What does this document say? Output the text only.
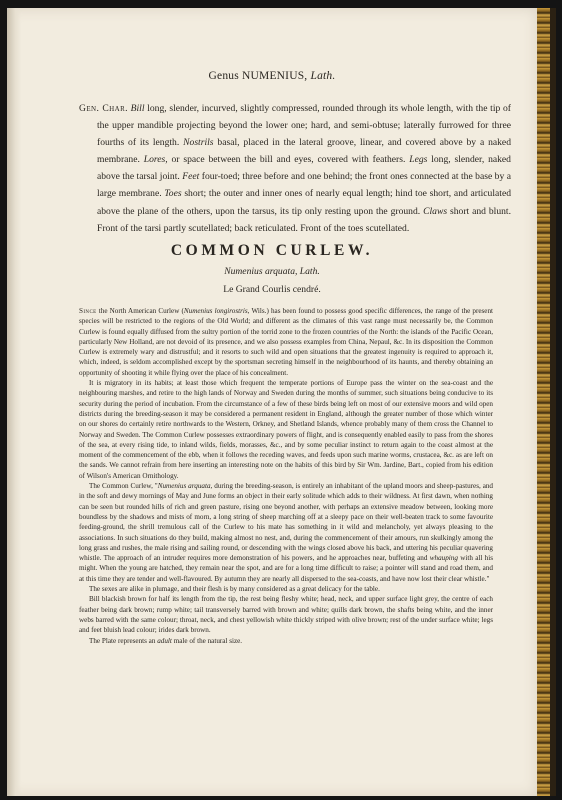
Genus NUMENIUS, Lath.
Gen. Char. Bill long, slender, incurved, slightly compressed, rounded through its whole length, with the tip of the upper mandible projecting beyond the lower one; hard, and semi-obtuse; laterally furrowed for three fourths of its length. Nostrils basal, placed in the lateral groove, linear, and covered above by a naked membrane. Lores, or space between the bill and eyes, covered with feathers. Legs long, slender, naked above the tarsal joint. Feet four-toed; three before and one behind; the front ones connected at the base by a large membrane. Toes short; the outer and inner ones of nearly equal length; hind toe short, and articulated above the plane of the others, upon the tarsus, its tip only resting upon the ground. Claws short and blunt. Front of the tarsi partly scutellated; back reticulated. Front of the toes scutellated.
COMMON CURLEW.
Numenius arquata, Lath.
Le Grand Courlis cendré.

Since the North American Curlew (Numenius longirostris, Wils.) has been found to possess good specific differences, the range of the present species will be restricted to the regions of the Old World; and different as the climates of this vast range must necessarily be, the Common Curlew is found equally diffused from the sultry portion of the torrid zone to the frozen countries of the North: the islands of the Pacific Ocean, particularly New Holland, are not devoid of its presence, and we also possess examples from China, Nepaul, &c. In its disposition the Common Curlew is extremely wary and distrustful; and it resorts to such wild and open situations that the greatest ingenuity is required to approach it, which, indeed, is seldom accomplished except by the sportsman secreting himself in the neighbourhood of its haunts, and thereby obtaining an opportunity of shooting it while flying over the place of his concealment.

It is migratory in its habits; at least those which frequent the temperate portions of Europe pass the winter on the sea-coast and the neighbouring marshes, and retire to the high lands of Norway and Sweden during the months of summer, such situations being conducive to its security during the period of incubation. From the circumstance of a few of these birds being left on most of our extensive moors and wild open districts during the breeding-season it may be considered a permanent resident in England, although the greater number of those which winter on our shores do certainly retire northwards to the Western, Orkney, and Shetland Islands, whence probably many of them cross the Channel to Norway and Sweden. The Common Curlew possesses extraordinary powers of flight, and is consequently enabled easily to pass from the shores of the sea, at every rising tide, to inland wilds, fields, morasses, &c., and by some peculiar instinct to return again to the coast almost at the moment of the commencement of the ebb, when it follows the receding waves, and feeds upon such marine worms, crustacea, &c. as are left on the sands. We cannot refrain from here inserting an interesting note on the habits of this bird by Sir Wm. Jardine, Bart., copied from his edition of Wilson's American Ornithology.

The Common Curlew, "Numenius arquata, during the breeding-season, is entirely an inhabitant of the upland moors and sheep-pastures, and in the soft and dewy mornings of May and June forms an object in their early solitude which adds to their wildness. At first dawn, when nothing can be seen but rounded hills of rich and green pasture, rising one beyond another, with perhaps an extensive meadow between, looking more boundless by the shadows and mists of morn, a long string of sheep marching off at a sleepy pace on their well-beaten track to some favourite feeding-ground, the shrill tremulous call of the Curlew to his mate has something in it wild and melancholy, yet always pleasing to the associations. In such situations do they build, making almost no nest, and, during the commencement of their amours, run skulkingly among the long grass and rushes, the male rising and sailing round, or descending with the wings closed above his back, and uttering his peculiar quavering whistle. The approach of an intruder requires more demonstration of his powers, and he approaches near, buffeting and whauping with all his might. When the young are hatched, they remain near the spot, and are for a long time difficult to raise; a pointer will stand and road them, and at this time they are tender and well-flavoured. By autumn they are nearly all dispersed to the sea-coasts, and have now lost their clear whistle."

The sexes are alike in plumage, and their flesh is by many considered as a great delicacy for the table.

Bill blackish brown for half its length from the tip, the rest being fleshy white; head, neck, and upper surface light grey, the centre of each feather being dark brown; rump white; tail transversely barred with brown and white; quills dark brown, the shafts being white, and the inner webs barred with the same colour; throat, neck, and chest yellowish white thickly striped with olive brown; rest of the under surface white; legs and feet bluish lead colour; irides dark brown.

The Plate represents an adult male of the natural size.
